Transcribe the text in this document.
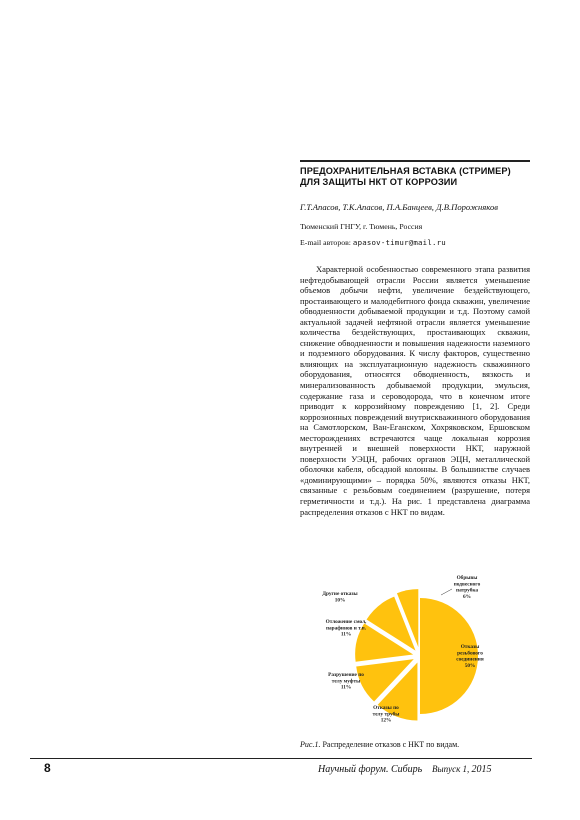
ПРЕДОХРАНИТЕЛЬНАЯ ВСТАВКА (СТРИМЕР) ДЛЯ ЗАЩИТЫ НКТ ОТ КОРРОЗИИ
Г.Т.Апасов, Т.К.Апасов, П.А.Банцеев, Д.В.Порожняков
Тюменский ГНГУ, г. Тюмень, Россия
E-mail авторов: apasov-timur@mail.ru

Характерной особенностью современного этапа развития нефтедобывающей отрасли России является уменьшение объемов добычи нефти, увеличение бездействующего, простаивающего и малодебитного фонда скважин, увеличение обводненности добываемой продукции и т.д. Поэтому самой актуальной задачей нефтяной отрасли является уменьшение количества бездействующих, простаивающих скважин, снижение обводненности и повышения надежности наземного и подземного оборудования. К числу факторов, существенно влияющих на эксплуатационную надежность скважинного оборудования, относятся обводненность, вязкость и минерализованность добываемой продукции, эмульсия, содержание газа и сероводорода, что в конечном итоге приводит к коррозийному повреждению [1, 2]. Среди коррозионных повреждений внутрискважинного оборудования на Самотлорском, Ван-Еганском, Хохряковском, Ершовском месторождениях встречаются чаще локальная коррозия внутренней и внешней поверхности НКТ, наружной поверхности УЭЦН, рабочих органов ЭЦН, металлической оболочки кабеля, обсадной колонны. В большинстве случаев «доминирующими» – порядка 50%, являются отказы НКТ, связанные с резьбовым соединением (разрушение, потеря герметичности и т.д.). На рис. 1 представлена диаграмма распределения отказов с НКТ по видам.

Отказы резьбового соединения 50%
Отказы по телу трубы 12%
Разрушение по телу муфты 11%
Отложение смол, парафинов и т.п. 11%
Другие отказы 10%
Обрывы подвесного патрубка 6%
Рис.1. Распределение отказов с НКТ по видам.
8	Научный форум. Сибирь Выпуск 1, 2015
